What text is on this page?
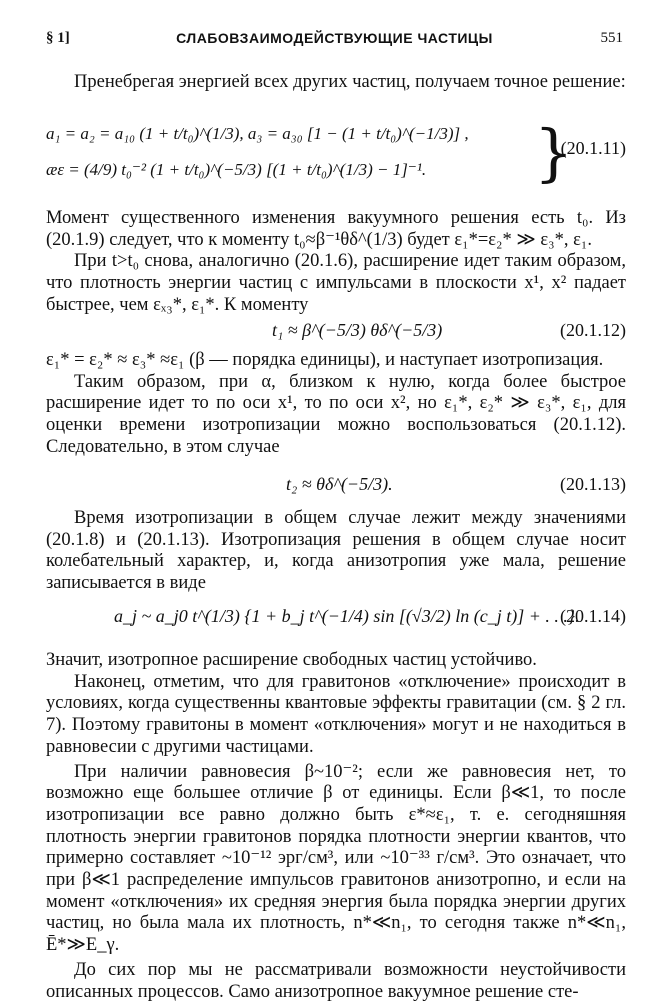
§ 1]	СЛАБОВЗАИМОДЕЙСТВУЮЩИЕ ЧАСТИЦЫ	551

Пренебрегая энергией всех других частиц, получаем точное решение:

a₁ = a₂ = a₁₀ (1 + t/t₀)^(1/3), a₃ = a₃₀ [1 − (1 + t/t₀)^(−1/3)] ,
æε = (4/9) t₀⁻² (1 + t/t₀)^(−5/3) [(1 + t/t₀)^(1/3) − 1]⁻¹. }
(20.1.11)

Момент существенного изменения вакуумного решения есть t₀. Из (20.1.9) следует, что к моменту t₀≈β⁻¹θδ^(1/3) будет ε₁*=ε₂* ≫ ε₃*, ε₁.

При t>t₀ снова, аналогично (20.1.6), расширение идет таким образом, что плотность энергии частиц с импульсами в плоскости x¹, x² падает быстрее, чем εₓ₃*, ε₁*. К моменту

t₁ ≈ β^(−5/3) θδ^(−5/3)	(20.1.12)

ε₁* = ε₂* ≈ ε₃* ≈ε₁ (β — порядка единицы), и наступает изотропизация.

Таким образом, при α, близком к нулю, когда более быстрое расширение идет то по оси x¹, то по оси x², но ε₁*, ε₂* ≫ ε₃*, ε₁, для оценки времени изотропизации можно воспользоваться (20.1.12). Следовательно, в этом случае

t₂ ≈ θδ^(−5/3).	(20.1.13)

Время изотропизации в общем случае лежит между значениями (20.1.8) и (20.1.13). Изотропизация решения в общем случае носит колебательный характер, и, когда анизотропия уже мала, решение записывается в виде

a_j ~ a_j0 t^(1/3) {1 + b_j t^(−1/4) sin [(√3/2) ln (c_j t)] + . . .}.
(20.1.14)

Значит, изотропное расширение свободных частиц устойчиво.

Наконец, отметим, что для гравитонов «отключение» происходит в условиях, когда существенны квантовые эффекты гравитации (см. § 2 гл. 7). Поэтому гравитоны в момент «отключения» могут и не находиться в равновесии с другими частицами.

При наличии равновесия β~10⁻²; если же равновесия нет, то возможно еще большее отличие β от единицы. Если β≪1, то после изотропизации все равно должно быть ε*≈ε₁, т. е. сегодняшняя плотность энергии гравитонов порядка плотности энергии квантов, что примерно составляет ~10⁻¹² эрг/см³, или ~10⁻³³ г/см³. Это означает, что при β≪1 распределение импульсов гравитонов анизотропно, и если на момент «отключения» их средняя энергия была порядка энергии других частиц, но была мала их плотность, n*≪n₁, то сегодня также n*≪n₁, Ē*≫E_γ.

До сих пор мы не рассматривали возможности неустойчивости описанных процессов. Само анизотропное вакуумное решение сте-
